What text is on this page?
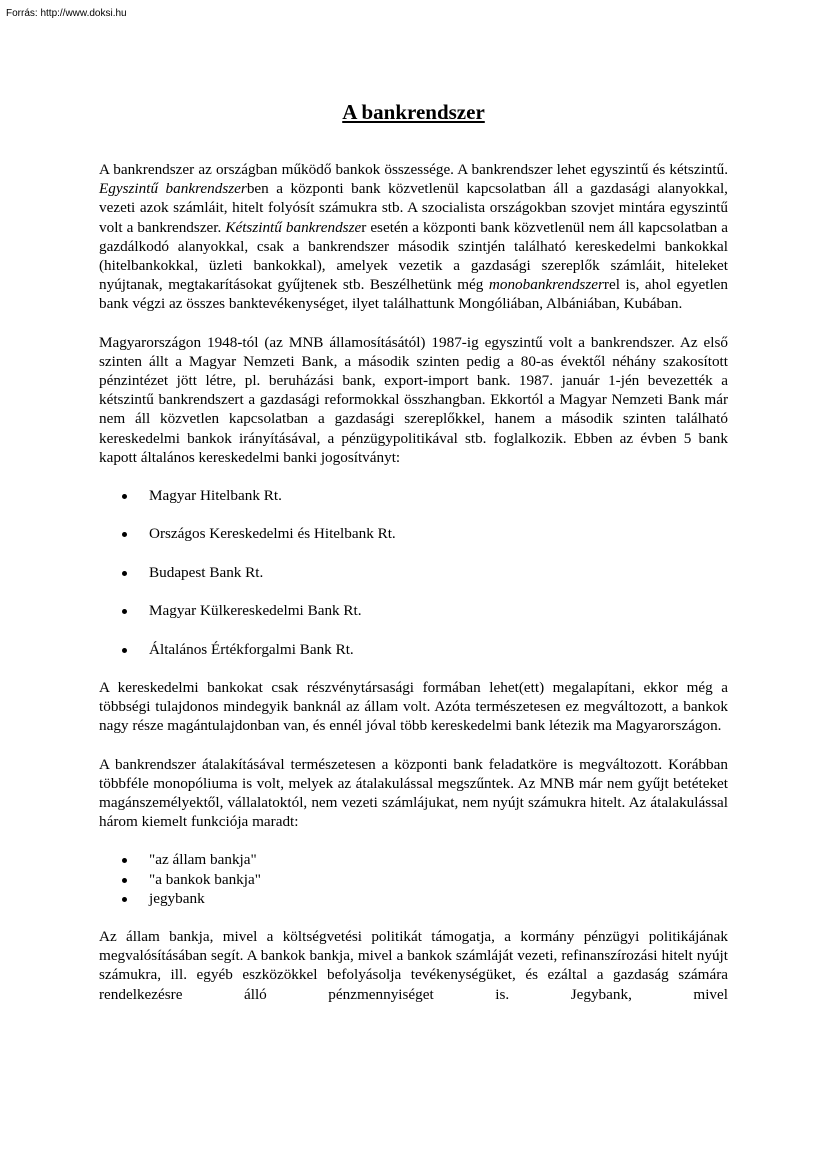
Forrás: http://www.doksi.hu
A bankrendszer

A bankrendszer az országban működő bankok összessége. A bankrendszer lehet egyszintű és kétszintű. Egyszintű bankrendszerben a központi bank közvetlenül kapcsolatban áll a gazdasági alanyokkal, vezeti azok számláit, hitelt folyósít számukra stb. A szocialista országokban szovjet mintára egyszintű volt a bankrendszer. Kétszintű bankrendszer esetén a központi bank közvetlenül nem áll kapcsolatban a gazdálkodó alanyokkal, csak a bankrendszer második szintjén található kereskedelmi bankokkal (hitelbankokkal, üzleti bankokkal), amelyek vezetik a gazdasági szereplők számláit, hiteleket nyújtanak, megtakarításokat gyűjtenek stb. Beszélhetünk még monobankrendszerrel is, ahol egyetlen bank végzi az összes banktevékenységet, ilyet találhattunk Mongóliában, Albániában, Kubában.

Magyarországon 1948-tól (az MNB államosításától) 1987-ig egyszintű volt a bankrendszer. Az első szinten állt a Magyar Nemzeti Bank, a második szinten pedig a 80-as évektől néhány szakosított pénzintézet jött létre, pl. beruházási bank, export-import bank. 1987. január 1-jén bevezették a kétszintű bankrendszert a gazdasági reformokkal összhangban. Ekkortól a Magyar Nemzeti Bank már nem áll közvetlen kapcsolatban a gazdasági szereplőkkel, hanem a második szinten található kereskedelmi bankok irányításával, a pénzügypolitikával stb. foglalkozik. Ebben az évben 5 bank kapott általános kereskedelmi banki jogosítványt:

Magyar Hitelbank Rt.
Országos Kereskedelmi és Hitelbank Rt.
Budapest Bank Rt.
Magyar Külkereskedelmi Bank Rt.
Általános Értékforgalmi Bank Rt.

A kereskedelmi bankokat csak részvénytársasági formában lehet(ett) megalapítani, ekkor még a többségi tulajdonos mindegyik banknál az állam volt. Azóta természetesen ez megváltozott, a bankok nagy része magántulajdonban van, és ennél jóval több kereskedelmi bank létezik ma Magyarországon.

A bankrendszer átalakításával természetesen a központi bank feladatköre is megváltozott. Korábban többféle monopóliuma is volt, melyek az átalakulással megszűntek. Az MNB már nem gyűjt betéteket magánszemélyektől, vállalatoktól, nem vezeti számlájukat, nem nyújt számukra hitelt. Az átalakulással három kiemelt funkciója maradt:

"az állam bankja"
"a bankok bankja"
jegybank

Az állam bankja, mivel a költségvetési politikát támogatja, a kormány pénzügyi politikájának megvalósításában segít. A bankok bankja, mivel a bankok számláját vezeti, refinanszírozási hitelt nyújt számukra, ill. egyéb eszközökkel befolyásolja tevékenységüket, és ezáltal a gazdaság számára rendelkezésre álló pénzmennyiséget is. Jegybank, mivel
